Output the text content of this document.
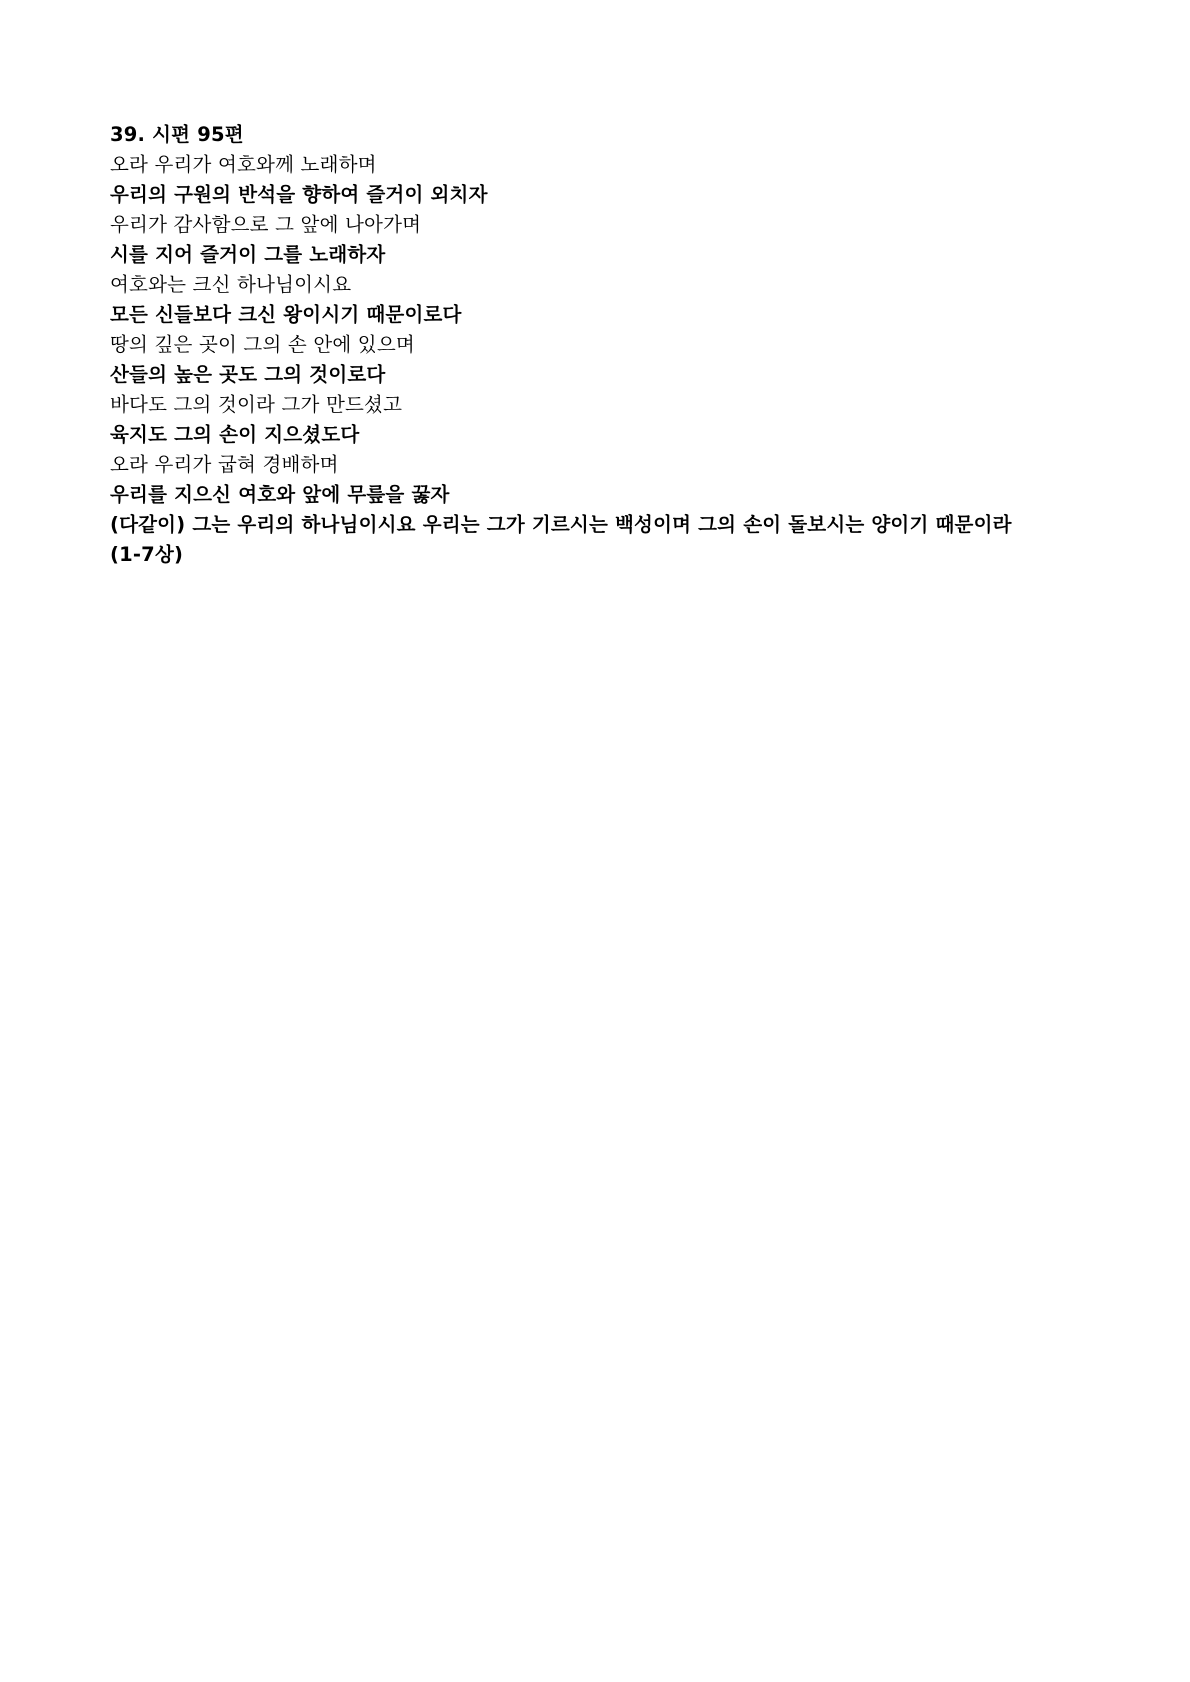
39. 시편 95편
오라 우리가 여호와께 노래하며
우리의 구원의 반석을 향하여 즐거이 외치자
우리가 감사함으로 그 앞에 나아가며
시를 지어 즐거이 그를 노래하자
여호와는 크신 하나님이시요
모든 신들보다 크신 왕이시기 때문이로다
땅의 깊은 곳이 그의 손 안에 있으며
산들의 높은 곳도 그의 것이로다
바다도 그의 것이라 그가 만드셨고
육지도 그의 손이 지으셨도다
오라 우리가 굽혀 경배하며
우리를 지으신 여호와 앞에 무릎을 꿇자
(다같이) 그는 우리의 하나님이시요 우리는 그가 기르시는 백성이며 그의 손이 돌보시는 양이기 때문이라
(1-7상)
